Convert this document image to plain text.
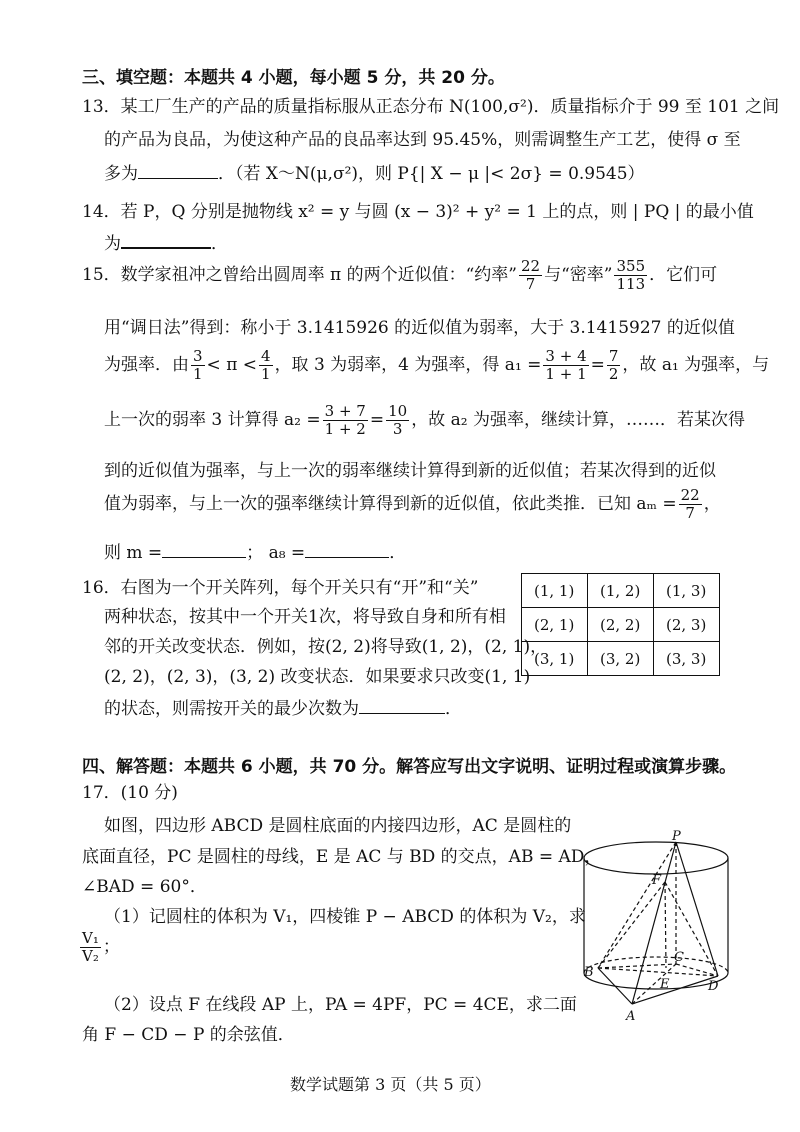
三、填空题：本题共 4 小题，每小题 5 分，共 20 分。
13．某工厂生产的产品的质量指标服从正态分布 N(100,σ²)．质量指标介于 99 至 101 之间
的产品为良品，为使这种产品的良品率达到 95.45%，则需调整生产工艺，使得 σ 至
多为	．（若 X～N(μ,σ²)，则 P{| X − μ |< 2σ} = 0.9545）
14．若 P，Q 分别是抛物线 x² = y 与圆 (x − 3)² + y² = 1 上的点，则 | PQ | 的最小值
为	．
15．数学家祖冲之曾给出圆周率 π 的两个近似值：“约率” $\frac{22}{7}$ 与“密率” $\frac{355}{113}$ ．它们可
用“调日法”得到：称小于 3.1415926 的近似值为弱率，大于 3.1415927 的近似值
为强率．由 $\frac{3}{1} < \pi < \frac{4}{1}$ ，取 3 为弱率，4 为强率，得 $a_1 = \frac{3 + 4}{1 + 1} = \frac{7}{2}$ ，故 a₁ 为强率，与
上一次的弱率 3 计算得 $a_2 = \frac{3 + 7}{1 + 2} = \frac{10}{3}$ ，故 a₂ 为强率，继续计算，……．若某次得
到的近似值为强率，与上一次的弱率继续计算得到新的近似值；若某次得到的近似
值为弱率，与上一次的强率继续计算得到新的近似值，依此类推．已知 $a_m = \frac{22}{7}$ ，
则 m =	； a₈ =	．
16．右图为一个开关阵列，每个开关只有“开”和“关”
两种状态，按其中一个开关1次，将导致自身和所有相
邻的开关改变状态．例如，按(2, 2)将导致(1, 2)，(2, 1)，
(2, 2)，(2, 3)，(3, 2) 改变状态．如果要求只改变(1, 1)
的状态，则需按开关的最少次数为	．
(1, 1)	(1, 2)	(1, 3)
(2, 1)	(2, 2)	(2, 3)
(3, 1)	(3, 2)	(3, 3)
四、解答题：本题共 6 小题，共 70 分。解答应写出文字说明、证明过程或演算步骤。
17．(10 分)
如图，四边形 ABCD 是圆柱底面的内接四边形，AC 是圆柱的
底面直径，PC 是圆柱的母线，E 是 AC 与 BD 的交点，AB = AD，
∠BAD = 60°．
（1）记圆柱的体积为 V₁，四棱锥 P − ABCD 的体积为 V₂，求
$\frac{\text{V₁}}{\text{V₂}}$ ；
（2）设点 F 在线段 AP 上，PA = 4PF，PC = 4CE，求二面
角 F − CD − P 的余弦值．
P
F
B
C
E	D
A
数学试题第 3 页（共 5 页）
